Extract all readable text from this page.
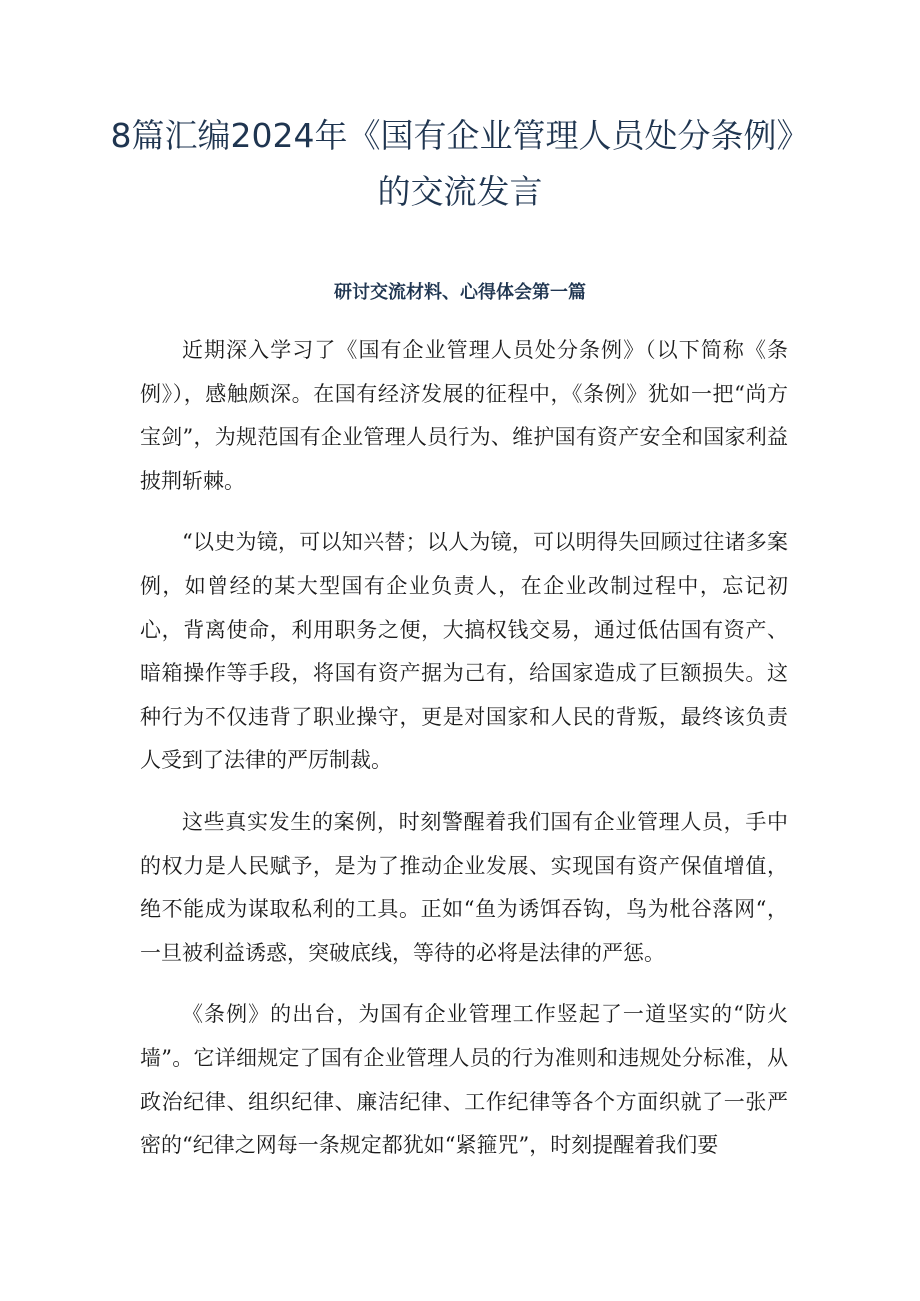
8篇汇编2024年《国有企业管理人员处分条例》的交流发言
研讨交流材料、心得体会第一篇

近期深入学习了《国有企业管理人员处分条例》（以下简称《条例》），感触颇深。在国有经济发展的征程中，《条例》犹如一把“尚方宝剑”，为规范国有企业管理人员行为、维护国有资产安全和国家利益披荆斩棘。

“以史为镜，可以知兴替；以人为镜，可以明得失回顾过往诸多案例，如曾经的某大型国有企业负责人，在企业改制过程中，忘记初心，背离使命，利用职务之便，大搞权钱交易，通过低估国有资产、暗箱操作等手段，将国有资产据为己有，给国家造成了巨额损失。这种行为不仅违背了职业操守，更是对国家和人民的背叛，最终该负责人受到了法律的严厉制裁。

这些真实发生的案例，时刻警醒着我们国有企业管理人员，手中的权力是人民赋予，是为了推动企业发展、实现国有资产保值增值，绝不能成为谋取私利的工具。正如“鱼为诱饵吞钩，鸟为枇谷落网“，一旦被利益诱惑，突破底线，等待的必将是法律的严惩。

《条例》的出台，为国有企业管理工作竖起了一道坚实的“防火墙”。它详细规定了国有企业管理人员的行为准则和违规处分标准，从政治纪律、组织纪律、廉洁纪律、工作纪律等各个方面织就了一张严密的“纪律之网每一条规定都犹如“紧箍咒”，时刻提醒着我们要
